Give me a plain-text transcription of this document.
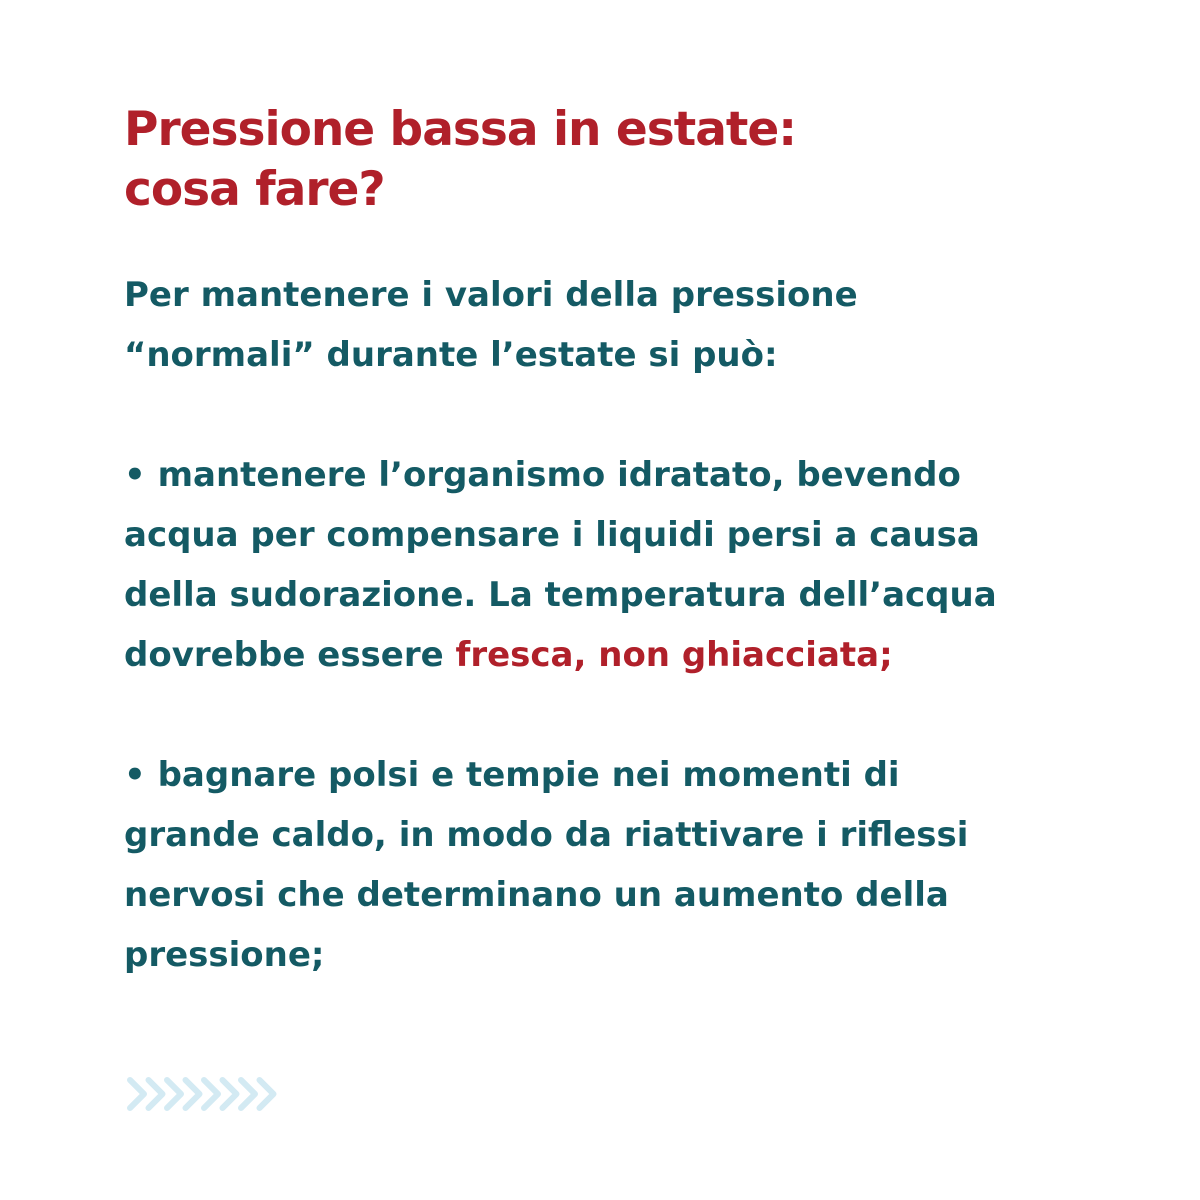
Pressione bassa in estate:
cosa fare?

Per mantenere i valori della pressione
“normali” durante l’estate si può:

• mantenere l’organismo idratato, bevendo
acqua per compensare i liquidi persi a causa
della sudorazione. La temperatura dell’acqua
dovrebbe essere fresca, non ghiacciata;

• bagnare polsi e tempie nei momenti di
grande caldo, in modo da riattivare i riflessi
nervosi che determinano un aumento della
pressione;
